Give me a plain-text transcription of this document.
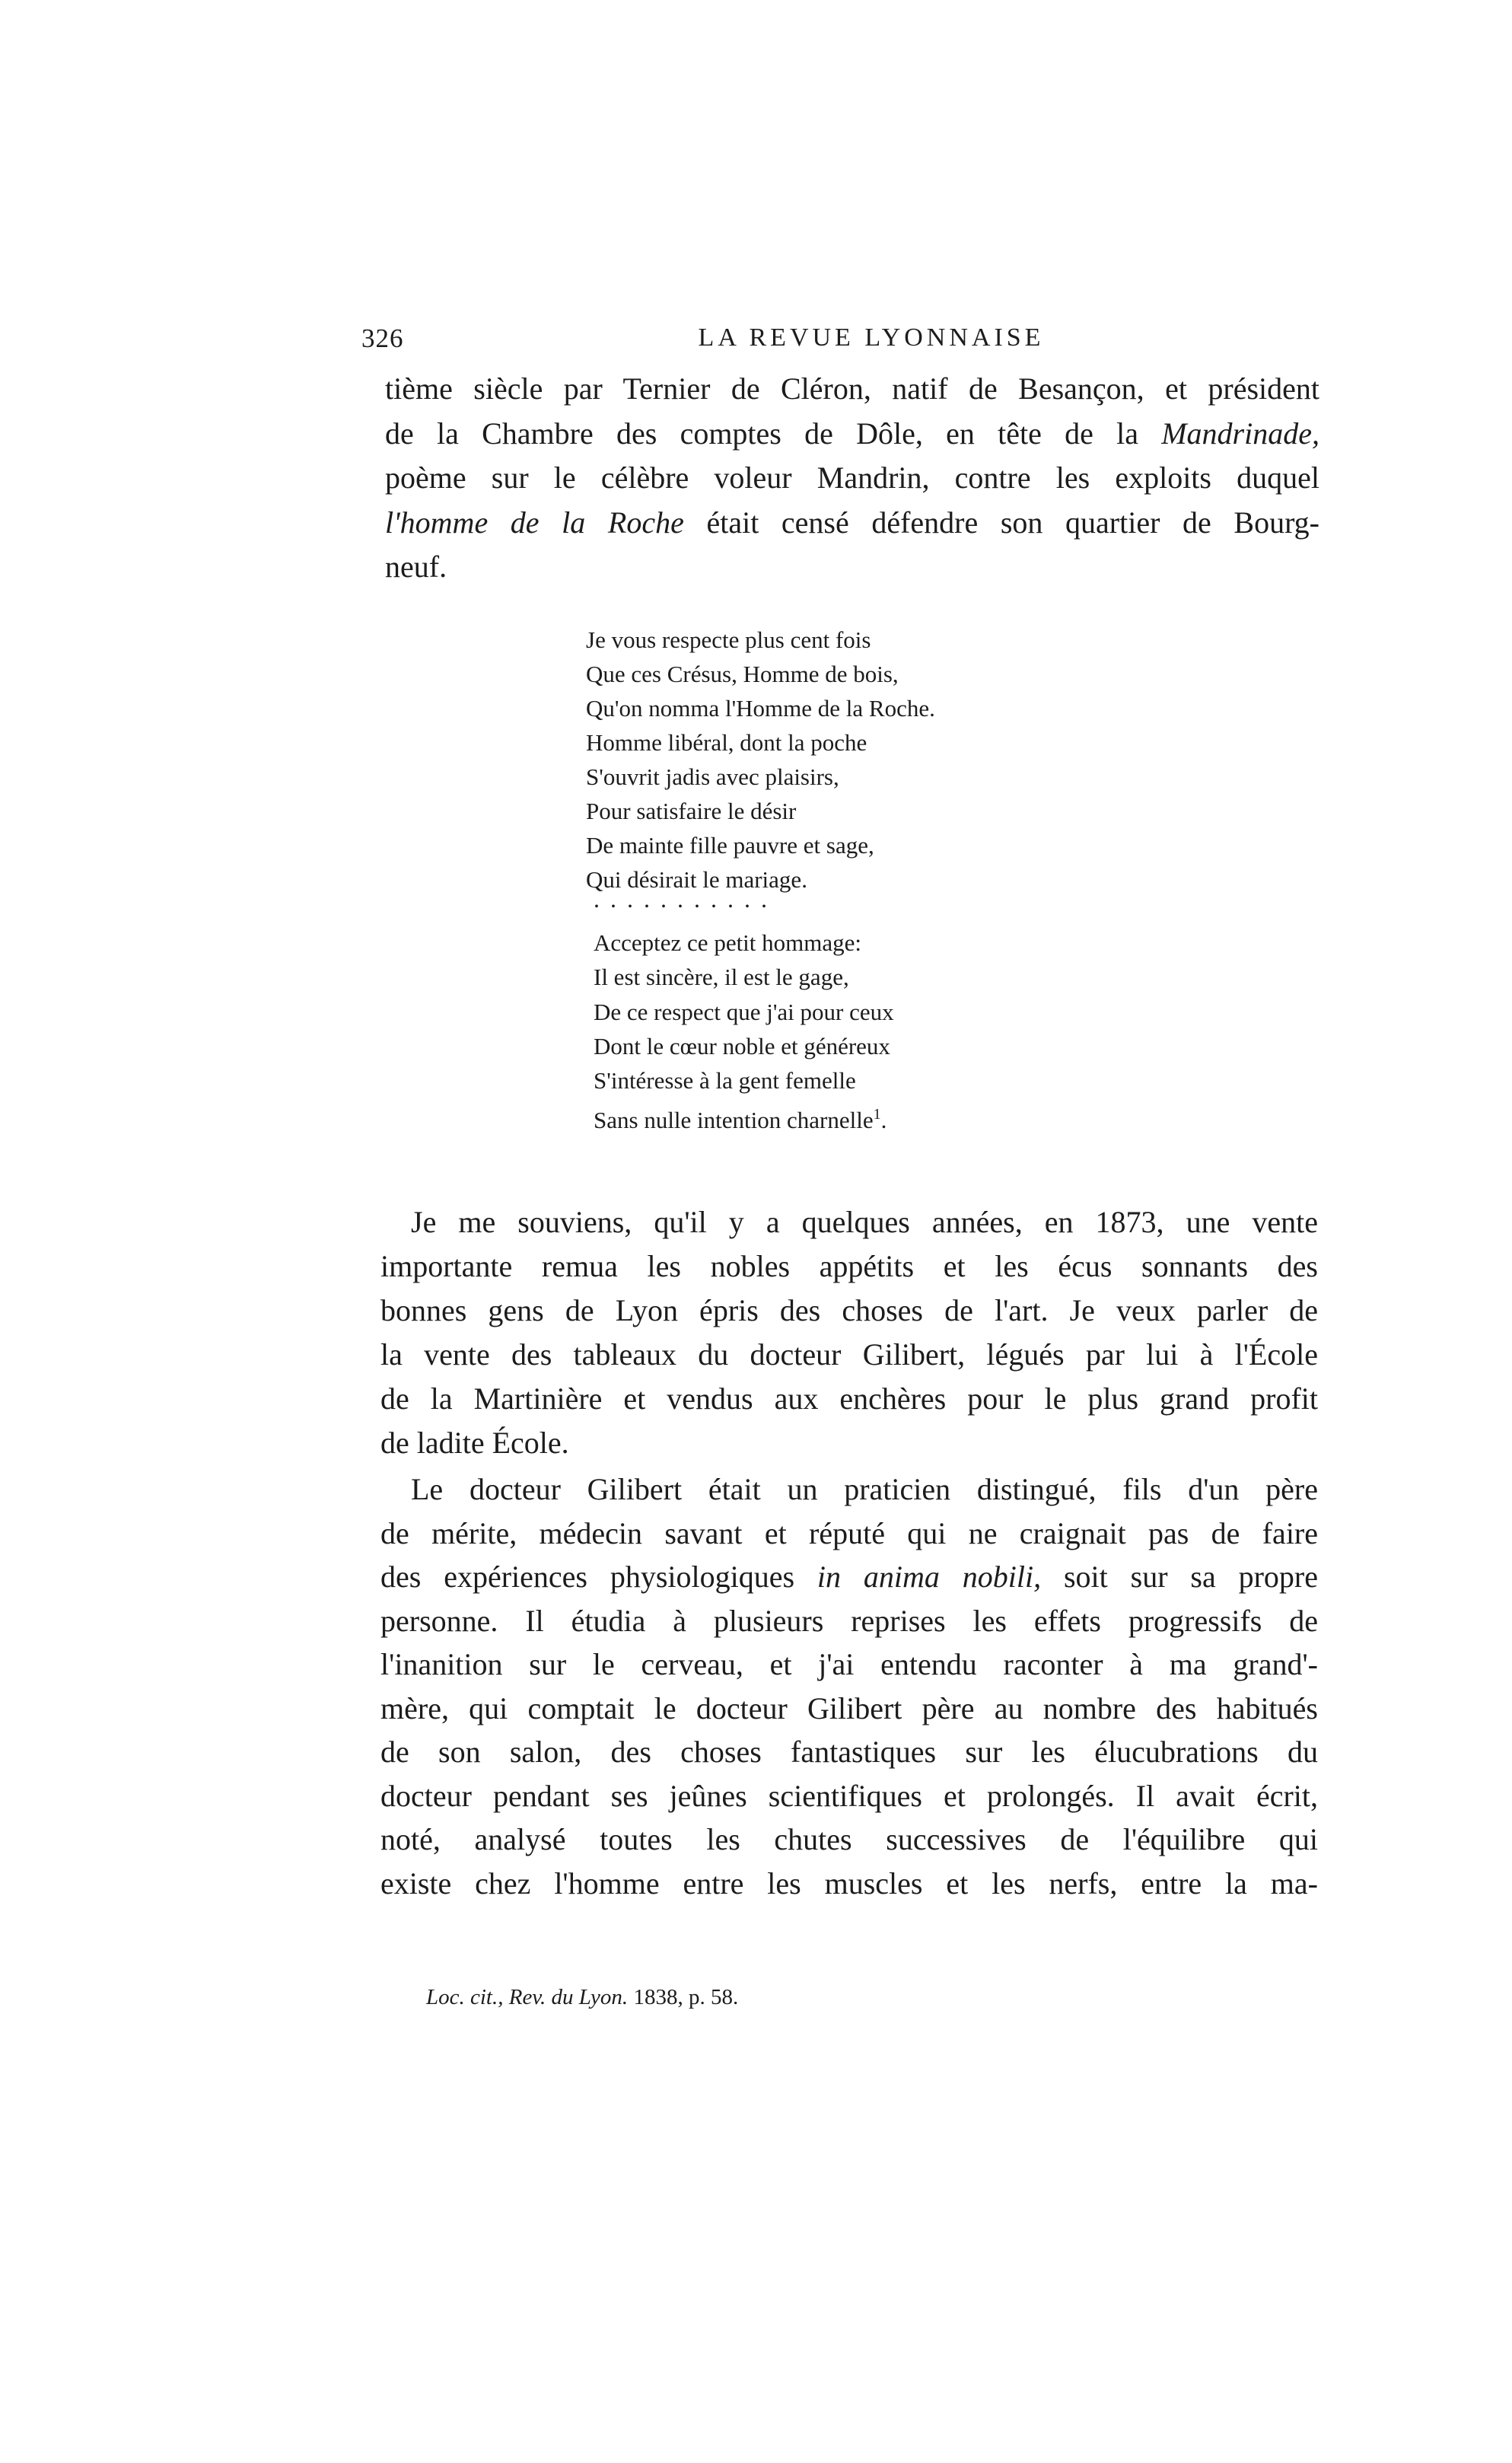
326	LA REVUE LYONNAISE

tième siècle par Ternier de Cléron, natif de Besançon, et président
de la Chambre des comptes de Dôle, en tête de la Mandrinade,
poème sur le célèbre voleur Mandrin, contre les exploits duquel
l'homme de la Roche était censé défendre son quartier de Bourg-
neuf.

Je vous respecte plus cent fois
Que ces Crésus, Homme de bois,
Qu'on nomma l'Homme de la Roche.
Homme libéral, dont la poche
S'ouvrit jadis avec plaisirs,
Pour satisfaire le désir
De mainte fille pauvre et sage,
Qui désirait le mariage.
...........
Acceptez ce petit hommage:
Il est sincère, il est le gage,
De ce respect que j'ai pour ceux
Dont le cœur noble et généreux
S'intéresse à la gent femelle
Sans nulle intention charnelle$^1$.

Je me souviens, qu'il y a quelques années, en 1873, une vente
importante remua les nobles appétits et les écus sonnants des
bonnes gens de Lyon épris des choses de l'art. Je veux parler de
la vente des tableaux du docteur Gilibert, légués par lui à l'École
de la Martinière et vendus aux enchères pour le plus grand profit
de ladite École.

Le docteur Gilibert était un praticien distingué, fils d'un père
de mérite, médecin savant et réputé qui ne craignait pas de faire
des expériences physiologiques in anima nobili, soit sur sa propre
personne. Il étudia à plusieurs reprises les effets progressifs de
l'inanition sur le cerveau, et j'ai entendu raconter à ma grand'-
mère, qui comptait le docteur Gilibert père au nombre des habitués
de son salon, des choses fantastiques sur les élucubrations du
docteur pendant ses jeûnes scientifiques et prolongés. Il avait écrit,
noté, analysé toutes les chutes successives de l'équilibre qui
existe chez l'homme entre les muscles et les nerfs, entre la ma-

Loc. cit., Rev. du Lyon. 1838, p. 58.
